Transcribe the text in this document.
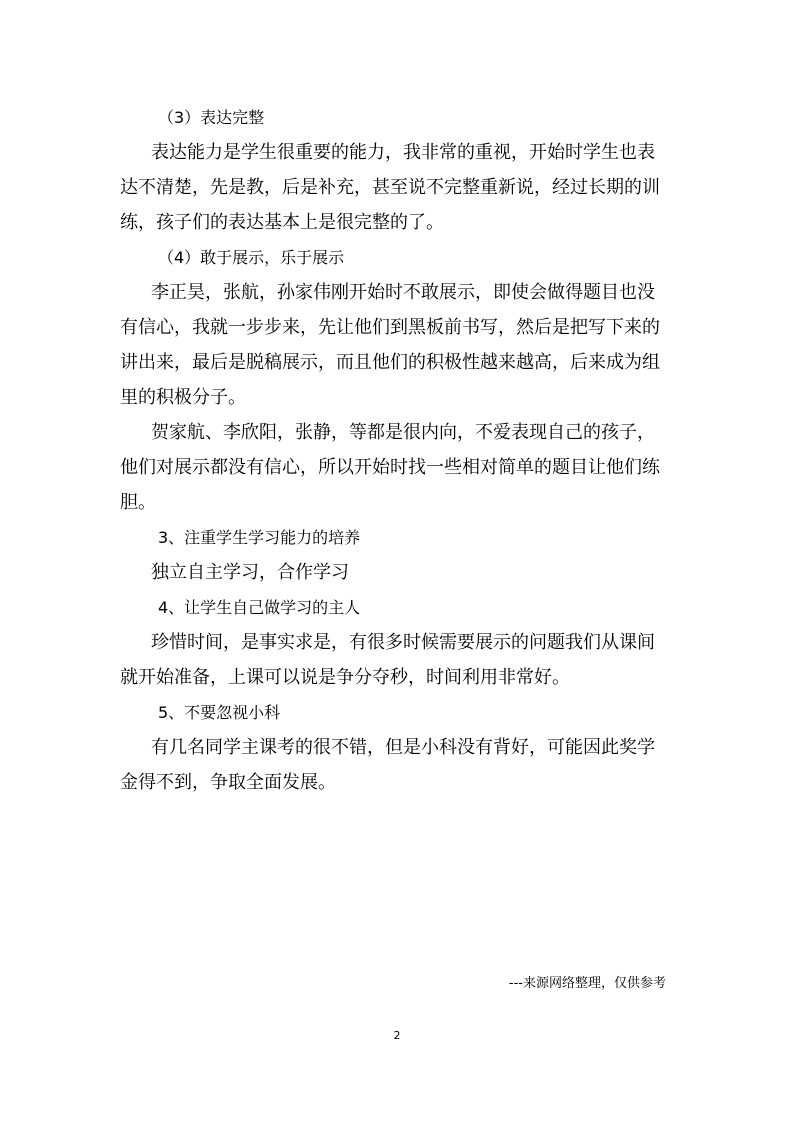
（3）表达完整

表达能力是学生很重要的能力，我非常的重视，开始时学生也表

达不清楚，先是教，后是补充，甚至说不完整重新说，经过长期的训

练，孩子们的表达基本上是很完整的了。

（4）敢于展示，乐于展示

李正昊，张航，孙家伟刚开始时不敢展示，即使会做得题目也没

有信心，我就一步步来，先让他们到黑板前书写，然后是把写下来的

讲出来，最后是脱稿展示，而且他们的积极性越来越高，后来成为组

里的积极分子。

贺家航、李欣阳，张静，等都是很内向，不爱表现自己的孩子，

他们对展示都没有信心，所以开始时找一些相对简单的题目让他们练

胆。

3、注重学生学习能力的培养

独立自主学习，合作学习

4、让学生自己做学习的主人

珍惜时间，是事实求是，有很多时候需要展示的问题我们从课间

就开始准备，上课可以说是争分夺秒，时间利用非常好。

5、不要忽视小科

有几名同学主课考的很不错，但是小科没有背好，可能因此奖学

金得不到，争取全面发展。

---来源网络整理，仅供参考
2
